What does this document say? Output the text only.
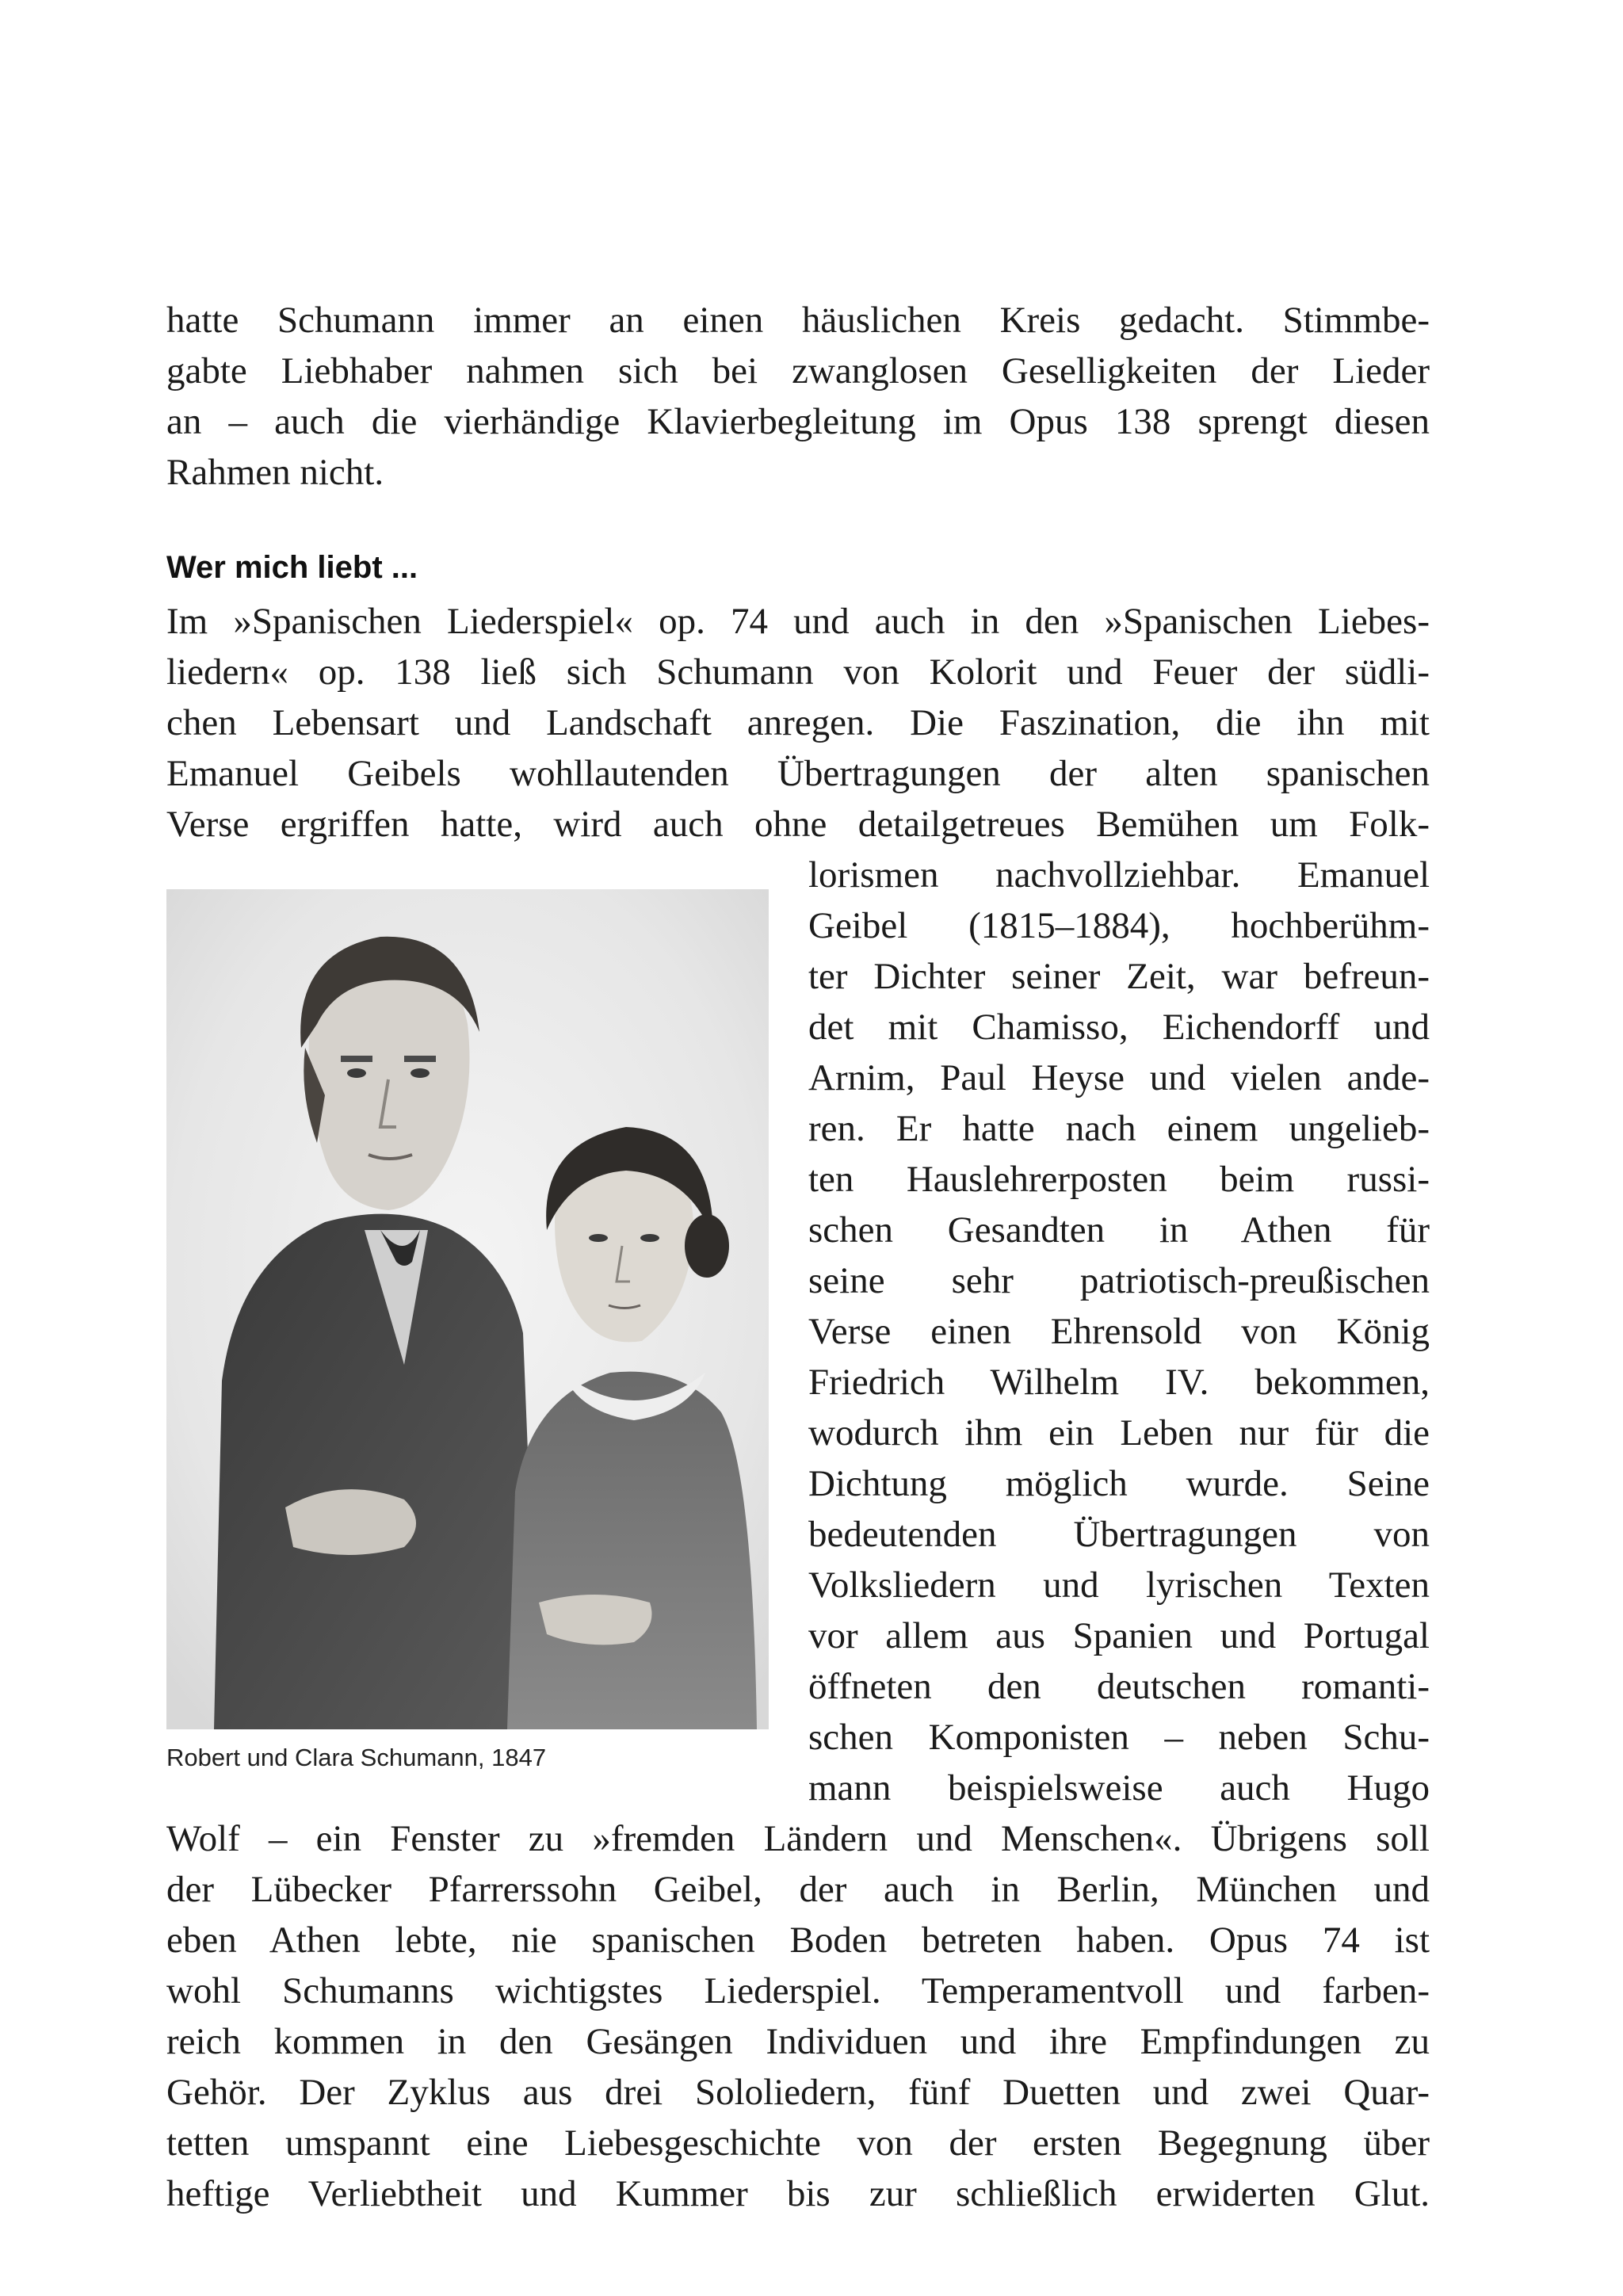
hatte Schumann immer an einen häuslichen Kreis gedacht. Stimmbe-
gabte Liebhaber nahmen sich bei zwanglosen Geselligkeiten der Lieder
an – auch die vierhändige Klavierbegleitung im Opus 138 sprengt diesen
Rahmen nicht.
Wer mich liebt ...
Im »Spanischen Liederspiel« op. 74 und auch in den »Spanischen Liebes-
liedern« op. 138 ließ sich Schumann von Kolorit und Feuer der südli-
chen Lebensart und Landschaft anregen. Die Faszination, die ihn mit
Emanuel Geibels wohllautenden Übertragungen der alten spanischen
Verse ergriffen hatte, wird auch ohne detailgetreues Bemühen um Folk-
Robert und Clara Schumann, 1847
lorismen nachvollziehbar. Emanuel
Geibel (1815–1884), hochberühm-
ter Dichter seiner Zeit, war befreun-
det mit Chamisso, Eichendorff und
Arnim, Paul Heyse und vielen ande-
ren. Er hatte nach einem ungelieb-
ten Hauslehrerposten beim russi-
schen Gesandten in Athen für
seine sehr patriotisch-preußischen
Verse einen Ehrensold von König
Friedrich Wilhelm IV. bekommen,
wodurch ihm ein Leben nur für die
Dichtung möglich wurde. Seine
bedeutenden Übertragungen von
Volksliedern und lyrischen Texten
vor allem aus Spanien und Portugal
öffneten den deutschen romanti-
schen Komponisten – neben Schu-
mann beispielsweise auch Hugo
Wolf – ein Fenster zu »fremden Ländern und Menschen«. Übrigens soll
der Lübecker Pfarrerssohn Geibel, der auch in Berlin, München und
eben Athen lebte, nie spanischen Boden betreten haben. Opus 74 ist
wohl Schumanns wichtigstes Liederspiel. Temperamentvoll und farben-
reich kommen in den Gesängen Individuen und ihre Empfindungen zu
Gehör. Der Zyklus aus drei Sololiedern, fünf Duetten und zwei Quar-
tetten umspannt eine Liebesgeschichte von der ersten Begegnung über
heftige Verliebtheit und Kummer bis zur schließlich erwiderten Glut.
